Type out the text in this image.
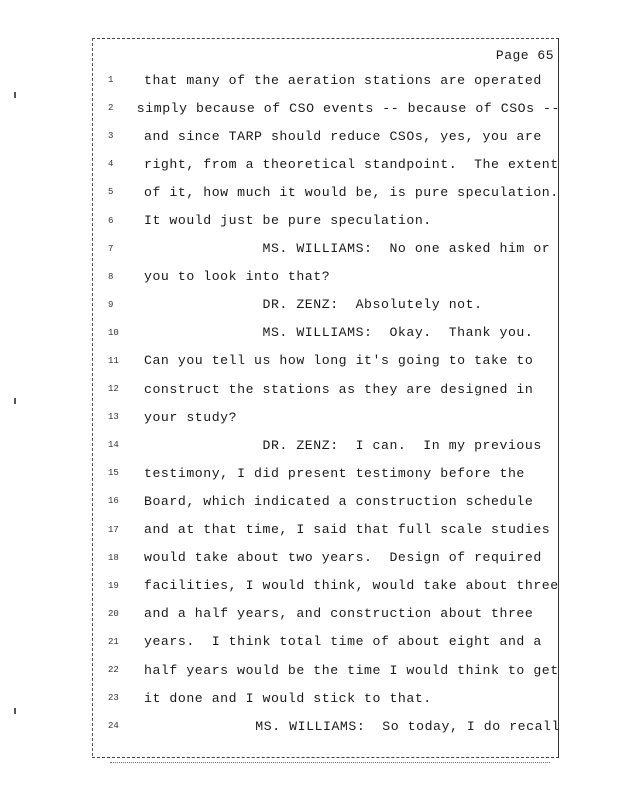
Page 65
1	that many of the aeration stations are operated
2	simply because of CSO events -- because of CSOs --
3	and since TARP should reduce CSOs, yes, you are
4	right, from a theoretical standpoint.  The extent
5	of it, how much it would be, is pure speculation.
6	It would just be pure speculation.
7	MS. WILLIAMS:  No one asked him or
8	you to look into that?
9	DR. ZENZ:  Absolutely not.
10	MS. WILLIAMS:  Okay.  Thank you.
11	Can you tell us how long it's going to take to
12	construct the stations as they are designed in
13	your study?
14	DR. ZENZ:  I can.  In my previous
15	testimony, I did present testimony before the
16	Board, which indicated a construction schedule
17	and at that time, I said that full scale studies
18	would take about two years.  Design of required
19	facilities, I would think, would take about three
20	and a half years, and construction about three
21	years.  I think total time of about eight and a
22	half years would be the time I would think to get
23	it done and I would stick to that.
24	MS. WILLIAMS:  So today, I do recall
